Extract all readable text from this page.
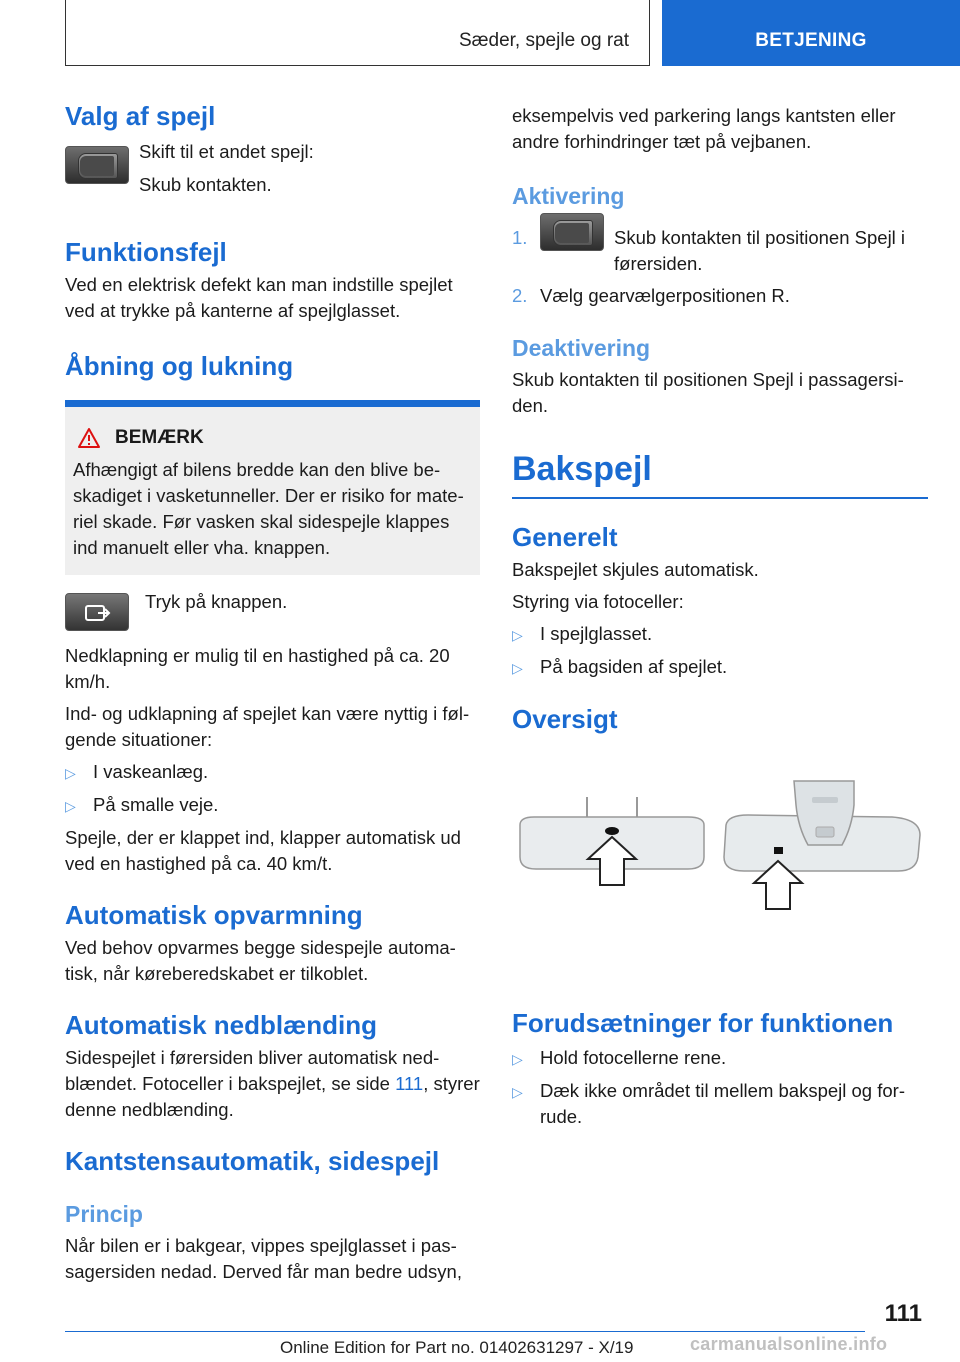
Sæder, spejle og rat	BETJENING
Valg af spejl
Skift til et andet spejl:
Skub kontakten.
Funktionsfejl
Ved en elektrisk defekt kan man indstille spejlet ved at trykke på kanterne af spejlglasset.
Åbning og lukning
BEMÆRK
Afhængigt af bilens bredde kan den blive beskadiget i vasketunneller. Der er risiko for materiel skade. Før vasken skal sidespejle klappes ind manuelt eller vha. knappen.
Tryk på knappen.
Nedklapning er mulig til en hastighed på ca. 20 km/h.
Ind- og udklapning af spejlet kan være nyttig i følgende situationer:
▷ I vaskeanlæg.
▷ På smalle veje.
Spejle, der er klappet ind, klapper automatisk ud ved en hastighed på ca. 40 km/t.
Automatisk opvarmning
Ved behov opvarmes begge sidespejle automatisk, når køreberedskabet er tilkoblet.
Automatisk nedblænding
Sidespejlet i førersiden bliver automatisk nedblændet. Fotoceller i bakspejlet, se side 111, styrer denne nedblænding.
Kantstensautomatik, sidespejl
Princip
Når bilen er i bakgear, vippes spejlglasset i passagersiden nedad. Derved får man bedre udsyn,
eksempelvis ved parkering langs kantsten eller andre forhindringer tæt på vejbanen.
Aktivering
1.	Skub kontakten til positionen Spejl i førersiden.
2. Vælg gearvælgerpositionen R.
Deaktivering
Skub kontakten til positionen Spejl i passagersiden.
Bakspejl
Generelt
Bakspejlet skjules automatisk.
Styring via fotoceller:
▷ I spejlglasset.
▷ På bagsiden af spejlet.
Oversigt
Forudsætninger for funktionen
▷ Hold fotocellerne rene.
▷ Dæk ikke området til mellem bakspejl og forrude.
111
Online Edition for Part no. 01402631297 - X/19	carmanualsonline.info
